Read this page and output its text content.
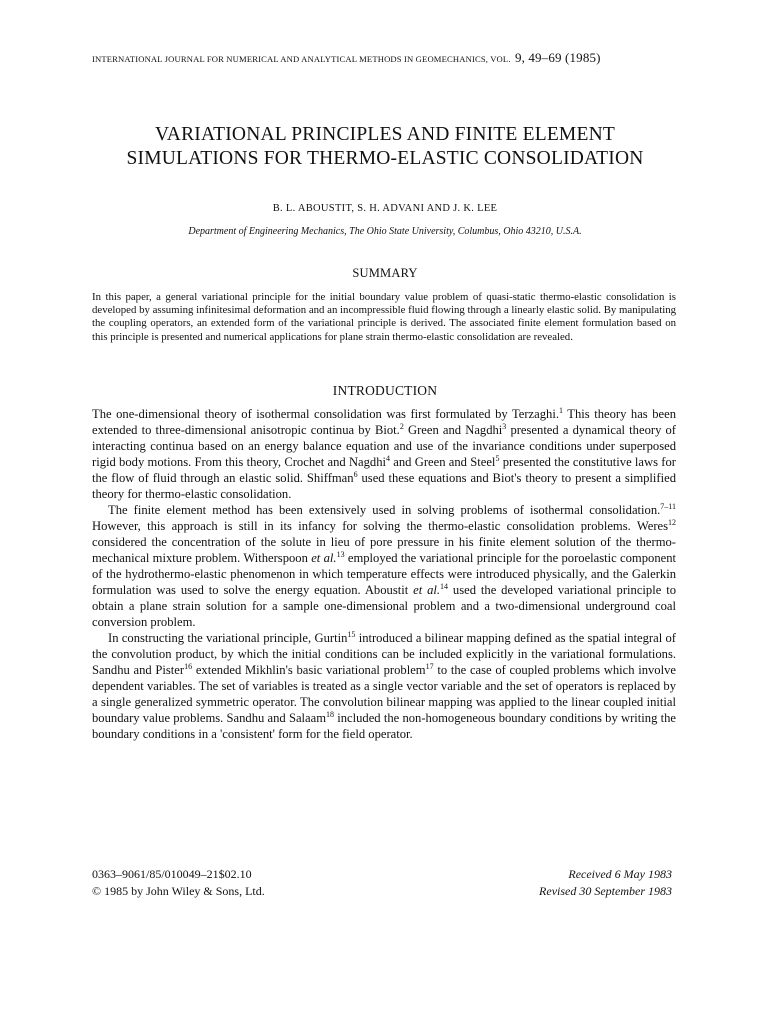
INTERNATIONAL JOURNAL FOR NUMERICAL AND ANALYTICAL METHODS IN GEOMECHANICS, VOL. 9, 49–69 (1985)
VARIATIONAL PRINCIPLES AND FINITE ELEMENT
SIMULATIONS FOR THERMO-ELASTIC CONSOLIDATION
B. L. ABOUSTIT, S. H. ADVANI AND J. K. LEE
Department of Engineering Mechanics, The Ohio State University, Columbus, Ohio 43210, U.S.A.
SUMMARY
In this paper, a general variational principle for the initial boundary value problem of quasi-static thermo-elastic consolidation is developed by assuming infinitesimal deformation and an incompressible fluid flowing through a linearly elastic solid. By manipulating the coupling operators, an extended form of the variational principle is derived. The associated finite element formulation based on this principle is presented and numerical applications for plane strain thermo-elastic consolidation are revealed.
INTRODUCTION

The one-dimensional theory of isothermal consolidation was first formulated by Terzaghi.$^1$ This theory has been extended to three-dimensional anisotropic continua by Biot.$^2$ Green and Nagdhi$^3$ presented a dynamical theory of interacting continua based on an energy balance equation and use of the invariance conditions under superposed rigid body motions. From this theory, Crochet and Nagdhi$^4$ and Green and Steel$^5$ presented the constitutive laws for the flow of fluid through an elastic solid. Shiffman$^6$ used these equations and Biot's theory to present a simplified theory for thermo-elastic consolidation.

The finite element method has been extensively used in solving problems of isothermal consolidation.$^{7-11}$ However, this approach is still in its infancy for solving the thermo-elastic consolidation problems. Weres$^{12}$ considered the concentration of the solute in lieu of pore pressure in his finite element solution of the thermo-mechanical mixture problem. Witherspoon et al.$^{13}$ employed the variational principle for the poroelastic component of the hydrothermo-elastic phenomenon in which temperature effects were introduced physically, and the Galerkin formulation was used to solve the energy equation. Aboustit et al.$^{14}$ used the developed variational principle to obtain a plane strain solution for a sample one-dimensional problem and a two-dimensional underground coal conversion problem.

In constructing the variational principle, Gurtin$^{15}$ introduced a bilinear mapping defined as the spatial integral of the convolution product, by which the initial conditions can be included explicitly in the variational formulations. Sandhu and Pister$^{16}$ extended Mikhlin's basic variational problem$^{17}$ to the case of coupled problems which involve dependent variables. The set of variables is treated as a single vector variable and the set of operators is replaced by a single generalized symmetric operator. The convolution bilinear mapping was applied to the linear coupled initial boundary value problems. Sandhu and Salaam$^{18}$ included the non-homogeneous boundary conditions by writing the boundary conditions in a 'consistent' form for the field operator.

0363–9061/85/010049–21$02.10
© 1985 by John Wiley & Sons, Ltd.
Received 6 May 1983
Revised 30 September 1983
